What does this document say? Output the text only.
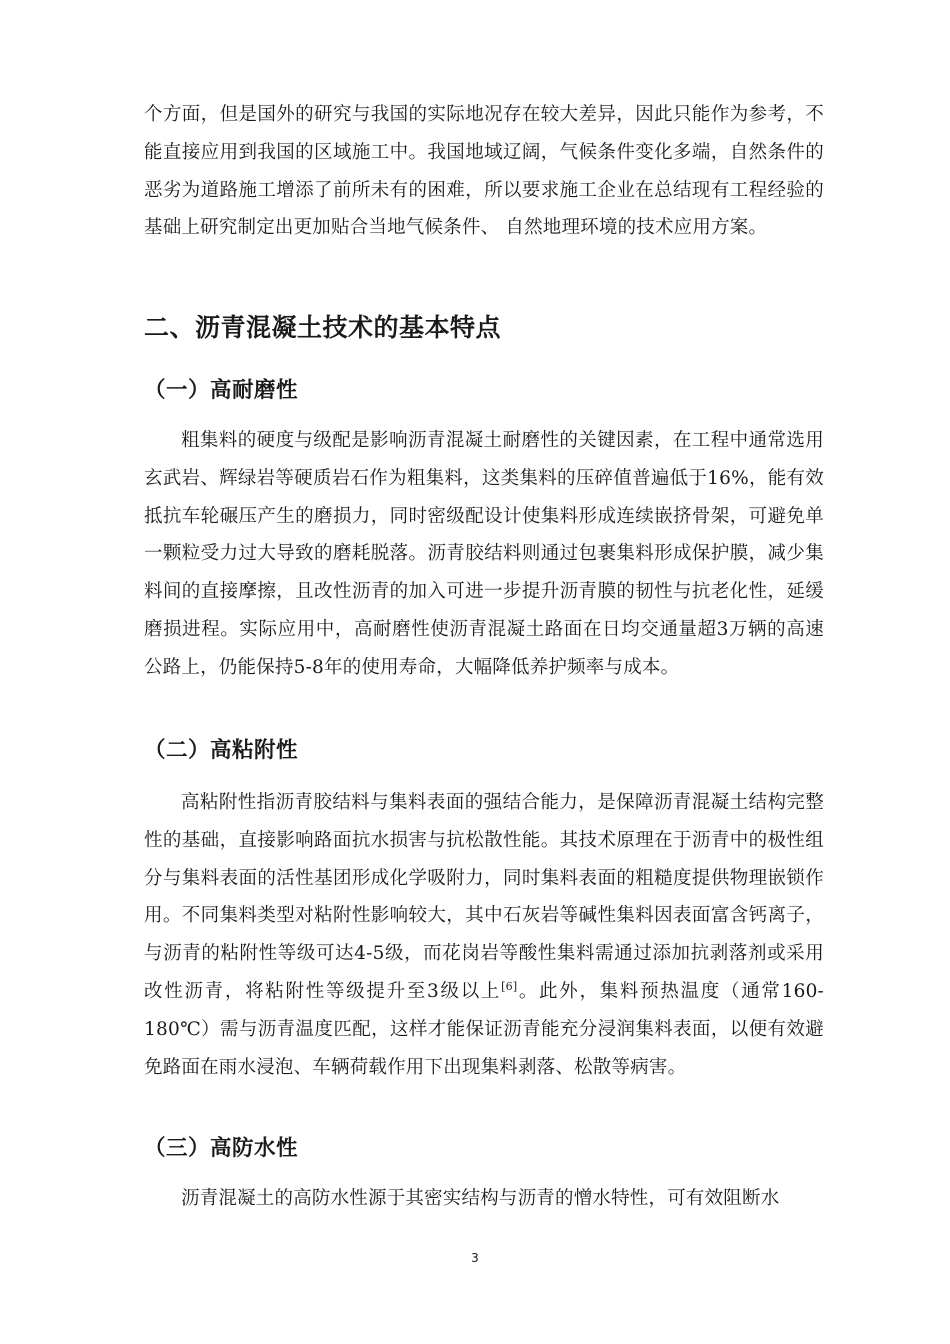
个方面，但是国外的研究与我国的实际地况存在较大差异，因此只能作为参考，不能直接应用到我国的区域施工中。我国地域辽阔，气候条件变化多端，自然条件的恶劣为道路施工增添了前所未有的困难，所以要求施工企业在总结现有工程经验的基础上研究制定出更加贴合当地气候条件、 自然地理环境的技术应用方案。

二、沥青混凝土技术的基本特点
（一）高耐磨性

粗集料的硬度与级配是影响沥青混凝土耐磨性的关键因素，在工程中通常选用玄武岩、辉绿岩等硬质岩石作为粗集料，这类集料的压碎值普遍低于16%，能有效抵抗车轮碾压产生的磨损力，同时密级配设计使集料形成连续嵌挤骨架，可避免单一颗粒受力过大导致的磨耗脱落。沥青胶结料则通过包裹集料形成保护膜，减少集料间的直接摩擦，且改性沥青的加入可进一步提升沥青膜的韧性与抗老化性，延缓磨损进程。实际应用中，高耐磨性使沥青混凝土路面在日均交通量超3万辆的高速公路上，仍能保持5-8年的使用寿命，大幅降低养护频率与成本。

（二）高粘附性

高粘附性指沥青胶结料与集料表面的强结合能力，是保障沥青混凝土结构完整性的基础，直接影响路面抗水损害与抗松散性能。其技术原理在于沥青中的极性组分与集料表面的活性基团形成化学吸附力，同时集料表面的粗糙度提供物理嵌锁作用。不同集料类型对粘附性影响较大，其中石灰岩等碱性集料因表面富含钙离子，与沥青的粘附性等级可达4-5级，而花岗岩等酸性集料需通过添加抗剥落剂或采用改性沥青，将粘附性等级提升至3级以上[6]。此外，集料预热温度（通常160-180℃）需与沥青温度匹配，这样才能保证沥青能充分浸润集料表面，以便有效避免路面在雨水浸泡、车辆荷载作用下出现集料剥落、松散等病害。

（三）高防水性

沥青混凝土的高防水性源于其密实结构与沥青的憎水特性，可有效阻断水

3
